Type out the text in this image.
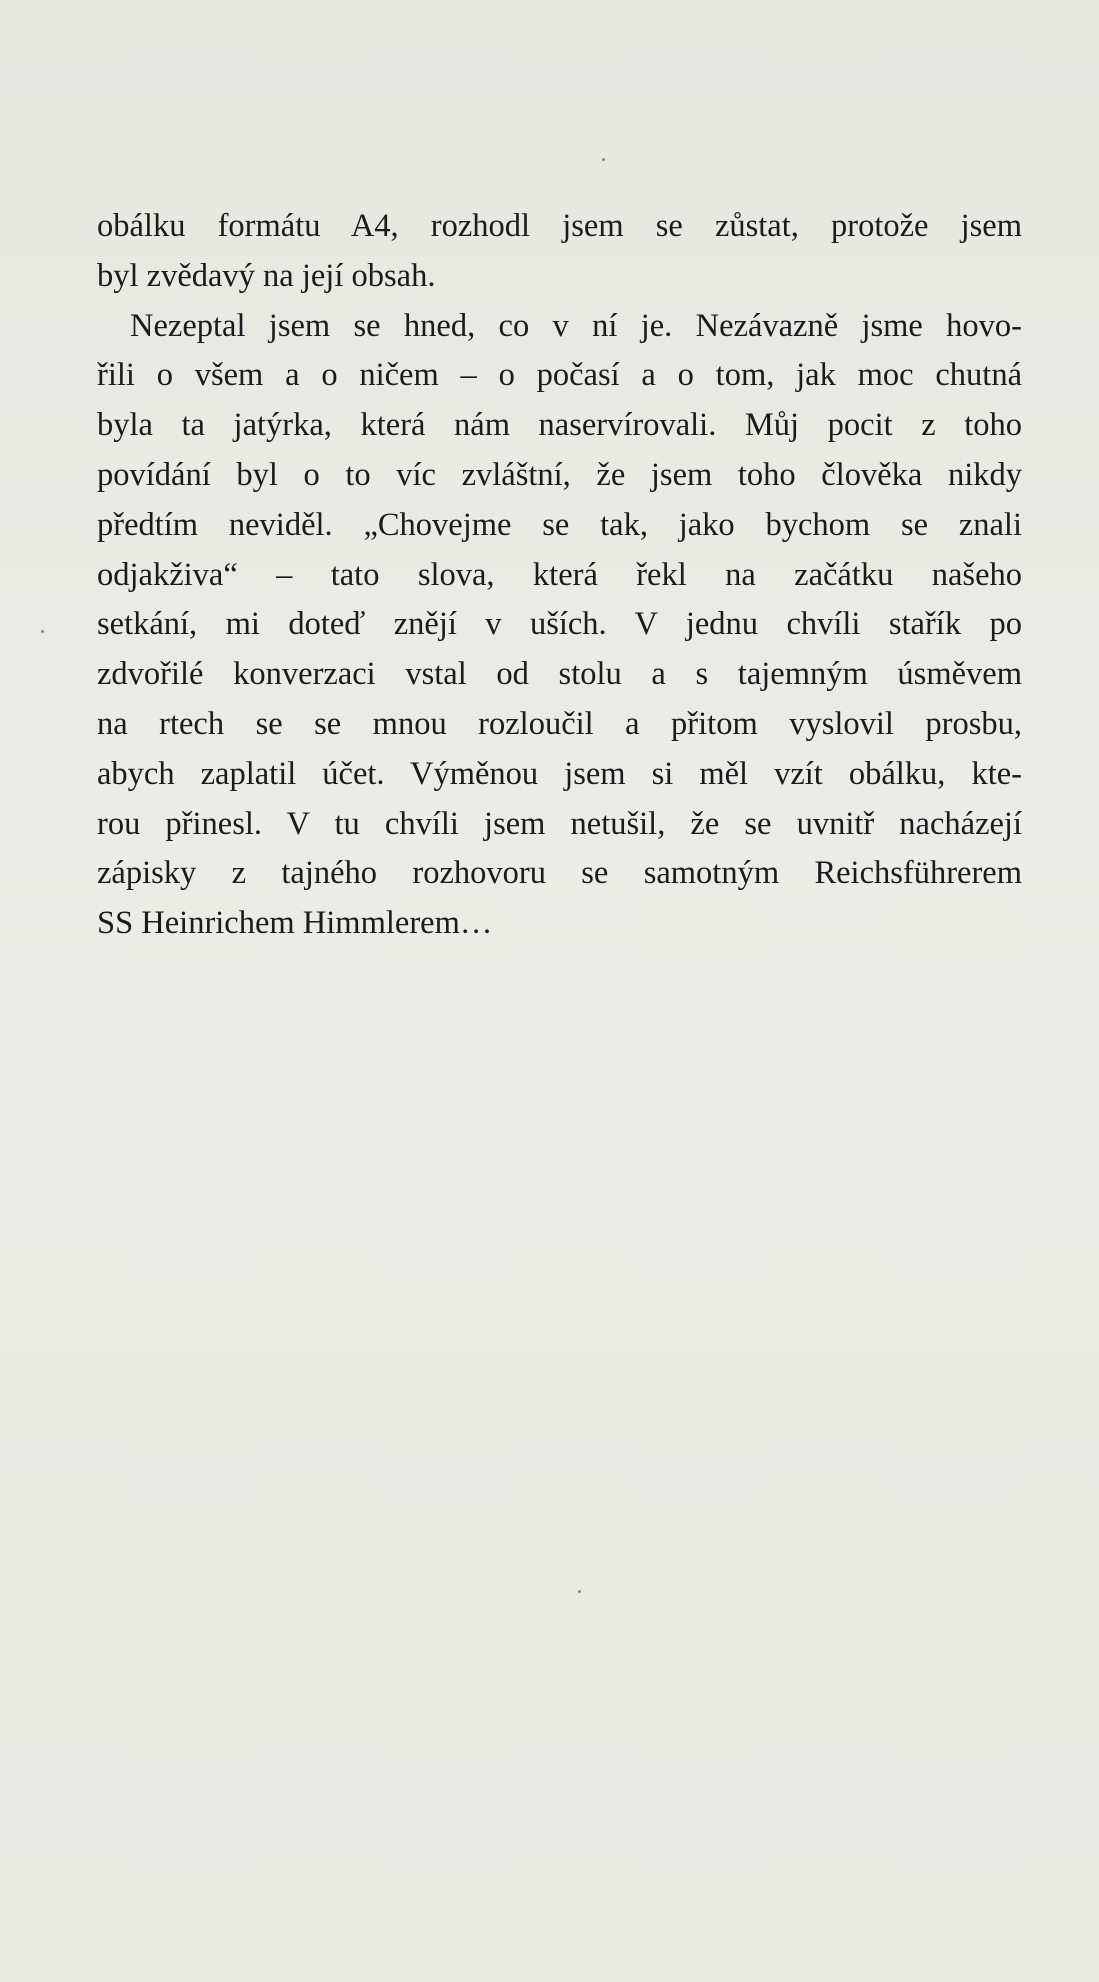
obálku formátu A4, rozhodl jsem se zůstat, protože jsem
byl zvědavý na její obsah.
Nezeptal jsem se hned, co v ní je. Nezávazně jsme hovo-
řili o všem a o ničem – o počasí a o tom, jak moc chutná
byla ta jatýrka, která nám naservírovali. Můj pocit z toho
povídání byl o to víc zvláštní, že jsem toho člověka nikdy
předtím neviděl. „Chovejme se tak, jako bychom se znali
odjakživa“ – tato slova, která řekl na začátku našeho
setkání, mi doteď znějí v uších. V jednu chvíli stařík po
zdvořilé konverzaci vstal od stolu a s tajemným úsměvem
na rtech se se mnou rozloučil a přitom vyslovil prosbu,
abych zaplatil účet. Výměnou jsem si měl vzít obálku, kte-
rou přinesl. V tu chvíli jsem netušil, že se uvnitř nacházejí
zápisky z tajného rozhovoru se samotným Reichsführerem
SS Heinrichem Himmlerem…
